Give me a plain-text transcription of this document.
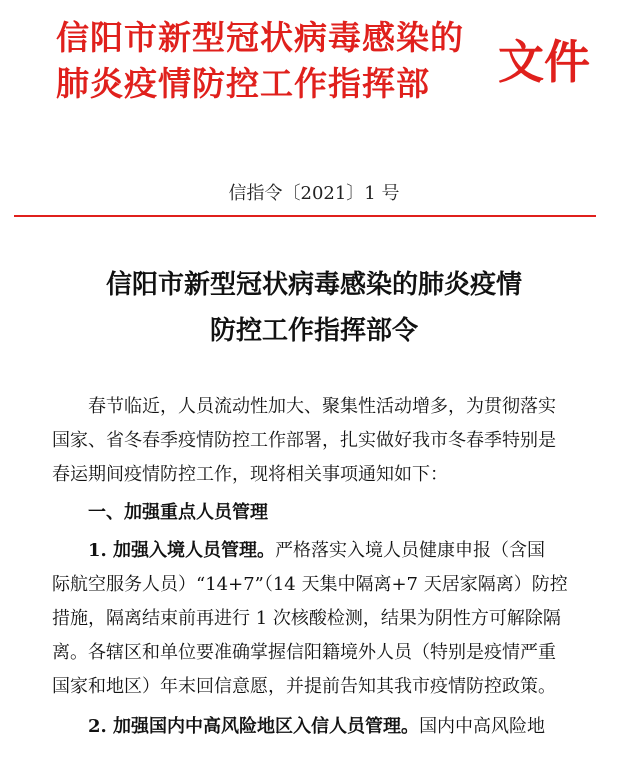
信阳市新型冠状病毒感染的
肺炎疫情防控工作指挥部 文件
信指令〔2021〕1 号
信阳市新型冠状病毒感染的肺炎疫情
防控工作指挥部令
春节临近，人员流动性加大、聚集性活动增多，为贯彻落实
国家、省冬春季疫情防控工作部署，扎实做好我市冬春季特别是
春运期间疫情防控工作，现将相关事项通知如下：
一、加强重点人员管理
1. 加强入境人员管理。严格落实入境人员健康申报（含国
际航空服务人员）“14+7”（14 天集中隔离+7 天居家隔离）防控
措施，隔离结束前再进行 1 次核酸检测，结果为阴性方可解除隔
离。各辖区和单位要准确掌握信阳籍境外人员（特别是疫情严重
国家和地区）年末回信意愿，并提前告知其我市疫情防控政策。
2. 加强国内中高风险地区入信人员管理。国内中高风险地
